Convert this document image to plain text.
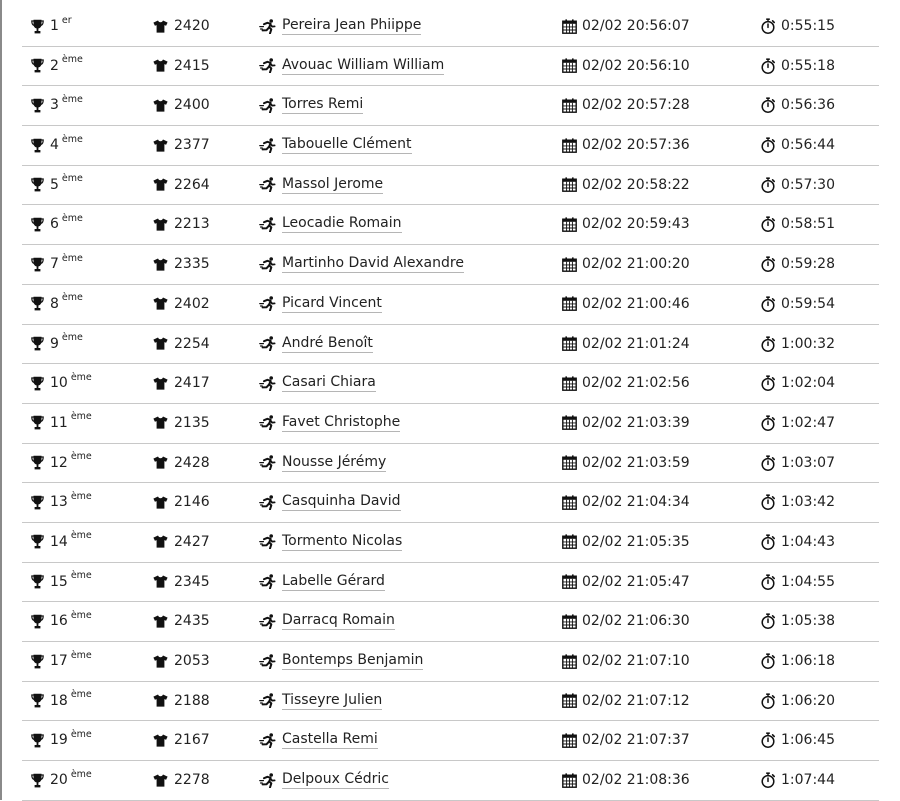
1 $^{er}$	2420	Pereira Jean Phiippe	02/02 20:56:07	0:55:15
2 $^{ème}$	2415	Avouac William William	02/02 20:56:10	0:55:18
3 $^{ème}$	2400	Torres Remi	02/02 20:57:28	0:56:36
4 $^{ème}$	2377	Tabouelle Clément	02/02 20:57:36	0:56:44
5 $^{ème}$	2264	Massol Jerome	02/02 20:58:22	0:57:30
6 $^{ème}$	2213	Leocadie Romain	02/02 20:59:43	0:58:51
7 $^{ème}$	2335	Martinho David Alexandre	02/02 21:00:20	0:59:28
8 $^{ème}$	2402	Picard Vincent	02/02 21:00:46	0:59:54
9 $^{ème}$	2254	André Benoît	02/02 21:01:24	1:00:32
10 $^{ème}$	2417	Casari Chiara	02/02 21:02:56	1:02:04
11 $^{ème}$	2135	Favet Christophe	02/02 21:03:39	1:02:47
12 $^{ème}$	2428	Nousse Jérémy	02/02 21:03:59	1:03:07
13 $^{ème}$	2146	Casquinha David	02/02 21:04:34	1:03:42
14 $^{ème}$	2427	Tormento Nicolas	02/02 21:05:35	1:04:43
15 $^{ème}$	2345	Labelle Gérard	02/02 21:05:47	1:04:55
16 $^{ème}$	2435	Darracq Romain	02/02 21:06:30	1:05:38
17 $^{ème}$	2053	Bontemps Benjamin	02/02 21:07:10	1:06:18
18 $^{ème}$	2188	Tisseyre Julien	02/02 21:07:12	1:06:20
19 $^{ème}$	2167	Castella Remi	02/02 21:07:37	1:06:45
20 $^{ème}$	2278	Delpoux Cédric	02/02 21:08:36	1:07:44
